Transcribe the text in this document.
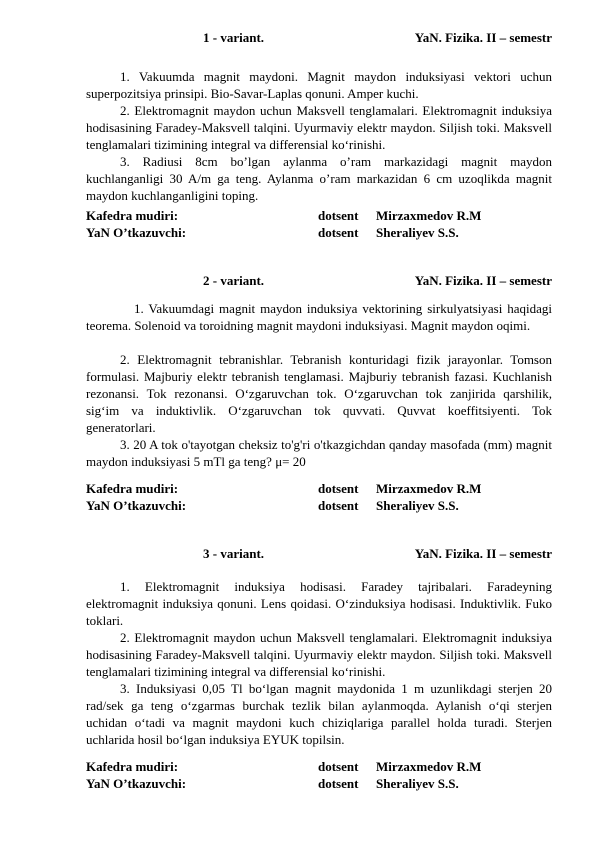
1 - variant.	YaN. Fizika. II – semestr

1. Vakuumda magnit maydoni. Magnit maydon induksiyasi vektori uchun superpozitsiya prinsipi. Bio-Savar-Laplas qonuni. Amper kuchi.

2. Elektromagnit maydon uchun Maksvell tenglamalari. Elektromagnit induksiya hodisasining Faradey-Maksvell talqini. Uyurmaviy elektr maydon. Siljish toki. Maksvell tenglamalari tizimining integral va differensial koʻrinishi.

3. Radiusi 8cm bo’lgan aylanma o’ram markazidagi magnit maydon kuchlanganligi 30 A/m ga teng. Aylanma o’ram markazidan 6 cm uzoqlikda magnit maydon kuchlanganligini toping.

Kafedra mudiri:	dotsent Mirzaxmedov R.M
YaN O’tkazuvchi:	dotsent Sheraliyev S.S.
2 - variant.	YaN. Fizika. II – semestr

1. Vakuumdagi magnit maydon induksiya vektorining sirkulyatsiyasi haqidagi teorema. Solenoid va toroidning magnit maydoni induksiyasi. Magnit maydon oqimi.

2. Elektromagnit tebranishlar. Tebranish konturidagi fizik jarayonlar. Tomson formulasi. Majburiy elektr tebranish tenglamasi. Majburiy tebranish fazasi. Kuchlanish rezonansi. Tok rezonansi. Oʻzgaruvchan tok. Oʻzgaruvchan tok zanjirida qarshilik, sigʻim va induktivlik. Oʻzgaruvchan tok quvvati. Quvvat koeffitsiyenti. Tok generatorlari.

3. 20 A tok o'tayotgan cheksiz to'g'ri o'tkazgichdan qanday masofada (mm) magnit maydon induksiyasi 5 mTl ga teng? μ= 20

Kafedra mudiri:	dotsent Mirzaxmedov R.M
YaN O’tkazuvchi:	dotsent Sheraliyev S.S.
3 - variant.	YaN. Fizika. II – semestr

1. Elektromagnit induksiya hodisasi. Faradey tajribalari. Faradeyning elektromagnit induksiya qonuni. Lens qoidasi. Oʻzinduksiya hodisasi. Induktivlik. Fuko toklari.

2. Elektromagnit maydon uchun Maksvell tenglamalari. Elektromagnit induksiya hodisasining Faradey-Maksvell talqini. Uyurmaviy elektr maydon. Siljish toki. Maksvell tenglamalari tizimining integral va differensial koʻrinishi.

3. Induksiyasi 0,05 Tl boʻlgan magnit maydonida 1 m uzunlikdagi sterjen 20 rad/sek ga teng oʻzgarmas burchak tezlik bilan aylanmoqda. Aylanish oʻqi sterjen uchidan oʻtadi va magnit maydoni kuch chiziqlariga parallel holda turadi. Sterjen uchlarida hosil boʻlgan induksiya EYUK topilsin.

Kafedra mudiri:	dotsent Mirzaxmedov R.M
YaN O’tkazuvchi:	dotsent Sheraliyev S.S.
